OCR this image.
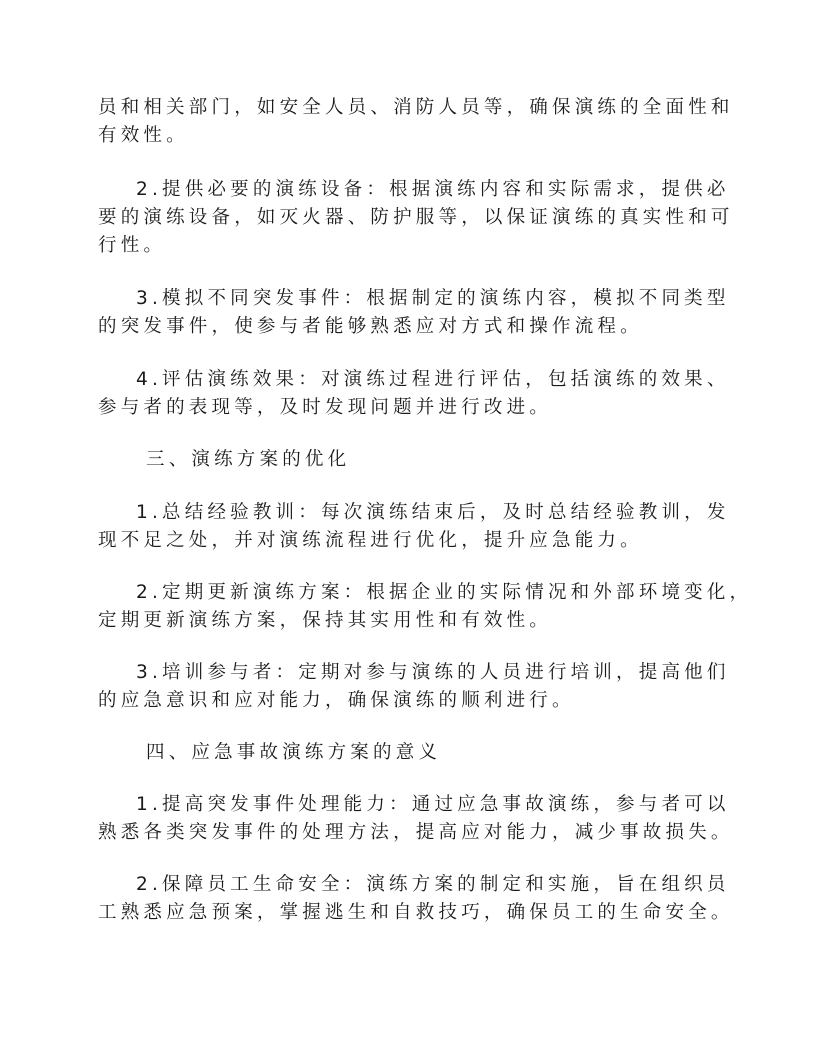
员和相关部门，如安全人员、消防人员等，确保演练的全面性和
有效性。
2.提供必要的演练设备：根据演练内容和实际需求，提供必
要的演练设备，如灭火器、防护服等，以保证演练的真实性和可
行性。
3.模拟不同突发事件：根据制定的演练内容，模拟不同类型
的突发事件，使参与者能够熟悉应对方式和操作流程。
4.评估演练效果：对演练过程进行评估，包括演练的效果、
参与者的表现等，及时发现问题并进行改进。
三、演练方案的优化
1.总结经验教训：每次演练结束后，及时总结经验教训，发
现不足之处，并对演练流程进行优化，提升应急能力。
2.定期更新演练方案：根据企业的实际情况和外部环境变化，
定期更新演练方案，保持其实用性和有效性。
3.培训参与者：定期对参与演练的人员进行培训，提高他们
的应急意识和应对能力，确保演练的顺利进行。
四、应急事故演练方案的意义
1.提高突发事件处理能力：通过应急事故演练，参与者可以
熟悉各类突发事件的处理方法，提高应对能力，减少事故损失。
2.保障员工生命安全：演练方案的制定和实施，旨在组织员
工熟悉应急预案，掌握逃生和自救技巧，确保员工的生命安全。
